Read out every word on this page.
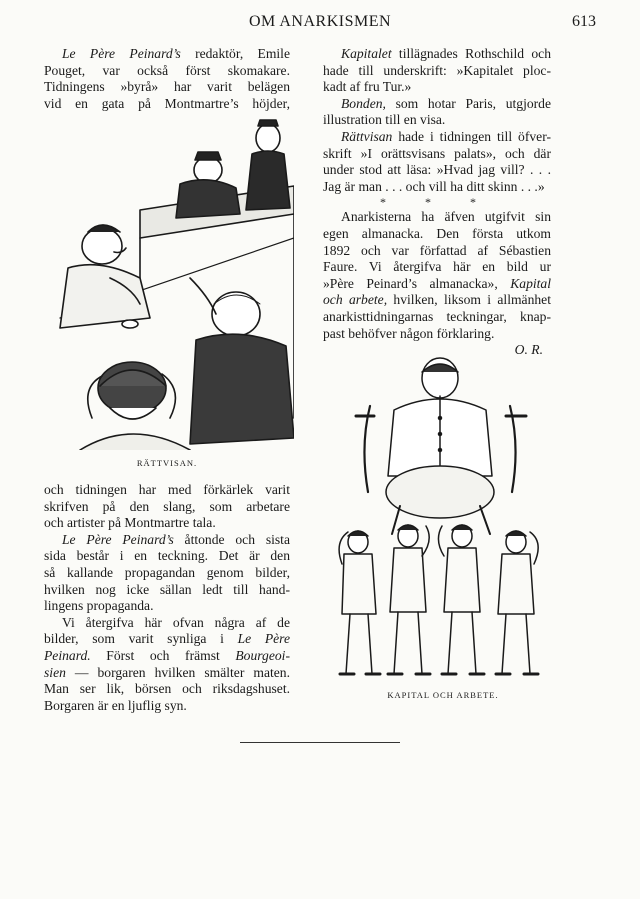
OM ANARKISMEN	613

Le Père Peinard’s redaktör, Emile

Pouget, var också först skomakare.

Tidningens »byrå» har varit belägen

vid en gata på Montmartre’s höjder,

RÄTTVISAN.

och tidningen har med förkärlek varit

skrifven på den slang, som arbetare

och artister på Montmartre tala.

Le Père Peinard’s åttonde och sista

sida består i en teckning. Det är den

så kallande propagandan genom bilder,

hvilken nog icke sällan ledt till hand-

lingens propaganda.

Vi återgifva här ofvan några af de

bilder, som varit synliga i Le Père

Peinard. Först och främst Bourgeoi-

sien — borgaren hvilken smälter maten.

Man ser lik, börsen och riksdagshuset.

Borgaren är en ljuflig syn.

Kapitalet tillägnades Rothschild och

hade till underskrift: »Kapitalet ploc-

kadt af fru Tur.»

Bonden, som hotar Paris, utgjorde

illustration till en visa.

Rättvisan hade i tidningen till öfver-

skrift »I orättsvisans palats», och där

under stod att läsa: »Hvad jag vill? . . .

Jag är man . . . och vill ha ditt skinn . . .»

* * *

Anarkisterna ha äfven utgifvit sin

egen almanacka. Den första utkom

1892 och var författad af Sébastien

Faure. Vi återgifva här en bild ur

»Père Peinard’s almanacka», Kapital

och arbete, hvilken, liksom i allmänhet

anarkisttidningarnas teckningar, knap-

past behöfver någon förklaring.

O. R.

KAPITAL OCH ARBETE.
